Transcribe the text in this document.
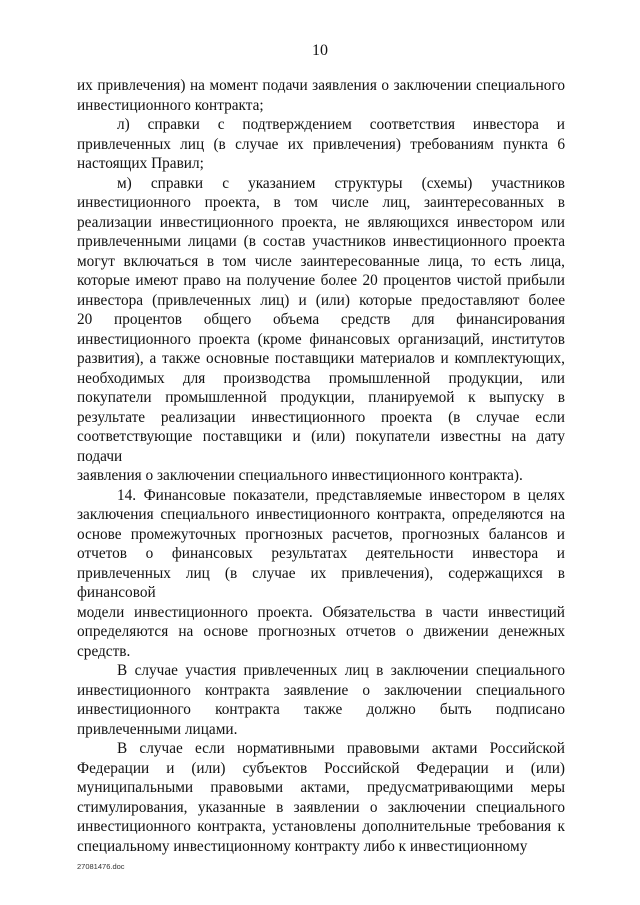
10
их привлечения) на момент подачи заявления о заключении специального
инвестиционного контракта;
л) справки с подтверждением соответствия инвестора и
привлеченных лиц (в случае их привлечения) требованиям пункта 6
настоящих Правил;
м) справки с указанием структуры (схемы) участников
инвестиционного проекта, в том числе лиц, заинтересованных в
реализации инвестиционного проекта, не являющихся инвестором или
привлеченными лицами (в состав участников инвестиционного проекта
могут включаться в том числе заинтересованные лица, то есть лица,
которые имеют право на получение более 20 процентов чистой прибыли
инвестора (привлеченных лиц) и (или) которые предоставляют более
20 процентов общего объема средств для финансирования
инвестиционного проекта (кроме финансовых организаций, институтов
развития), а также основные поставщики материалов и комплектующих,
необходимых для производства промышленной продукции, или
покупатели промышленной продукции, планируемой к выпуску в
результате реализации инвестиционного проекта (в случае если
соответствующие поставщики и (или) покупатели известны на дату подачи
заявления о заключении специального инвестиционного контракта).
14. Финансовые показатели, представляемые инвестором в целях
заключения специального инвестиционного контракта, определяются на
основе промежуточных прогнозных расчетов, прогнозных балансов и
отчетов о финансовых результатах деятельности инвестора и
привлеченных лиц (в случае их привлечения), содержащихся в финансовой
модели инвестиционного проекта. Обязательства в части инвестиций
определяются на основе прогнозных отчетов о движении денежных
средств.
В случае участия привлеченных лиц в заключении специального
инвестиционного контракта заявление о заключении специального
инвестиционного контракта также должно быть подписано
привлеченными лицами.
В случае если нормативными правовыми актами Российской
Федерации и (или) субъектов Российской Федерации и (или)
муниципальными правовыми актами, предусматривающими меры
стимулирования, указанные в заявлении о заключении специального
инвестиционного контракта, установлены дополнительные требования к
специальному инвестиционному контракту либо к инвестиционному
27081476.doc
